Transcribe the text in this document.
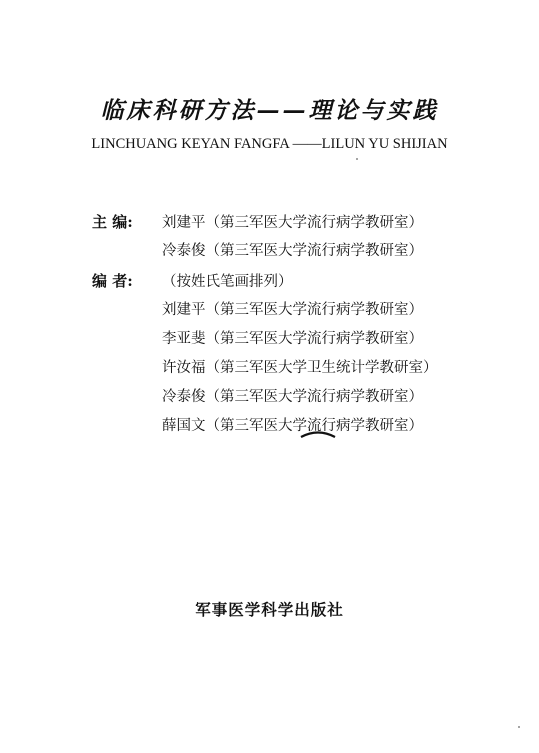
临床科研方法——理论与实践
LINCHUANG KEYAN FANGFA ——LILUN YU SHIJIAN
主 编: 刘建平（第三军医大学流行病学教研室）
冷泰俊（第三军医大学流行病学教研室）
编 者: （按姓氏笔画排列）
刘建平（第三军医大学流行病学教研室）
李亚斐（第三军医大学流行病学教研室）
许汝福（第三军医大学卫生统计学教研室）
冷泰俊（第三军医大学流行病学教研室）
薛国文（第三军医大学流行病学教研室）
军事医学科学出版社
